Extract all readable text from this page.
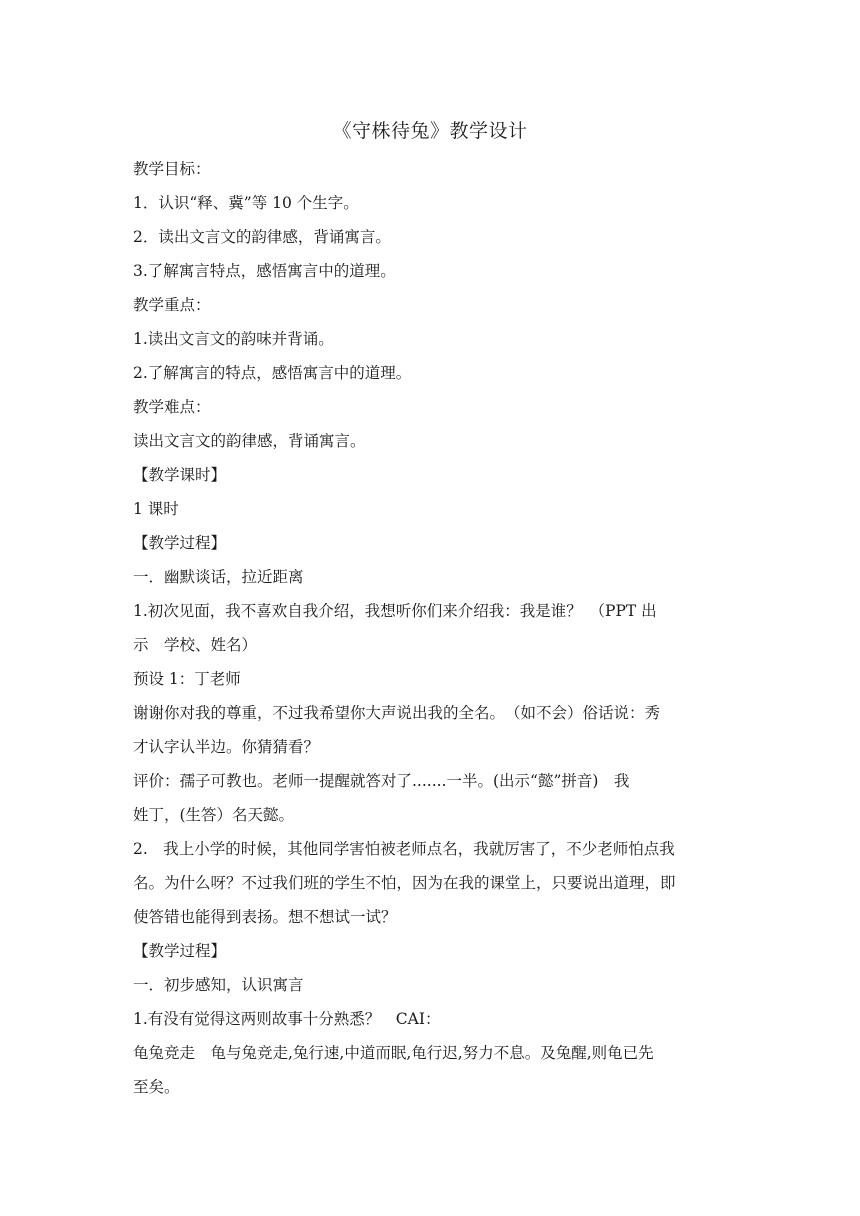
《守株待兔》教学设计

教学目标：

1．认识“释、冀”等 10 个生字。

2．读出文言文的韵律感，背诵寓言。

3.了解寓言特点，感悟寓言中的道理。

教学重点：

1.读出文言文的韵味并背诵。

2.了解寓言的特点，感悟寓言中的道理。

教学难点：

读出文言文的韵律感，背诵寓言。

【教学课时】

1 课时

【教学过程】

一．幽默谈话，拉近距离

1.初次见面，我不喜欢自我介绍，我想听你们来介绍我：我是谁？　（PPT 出

示　学校、姓名）

预设 1：丁老师

谢谢你对我的尊重，不过我希望你大声说出我的全名。　（如不会）俗话说：秀

才认字认半边。你猜猜看？

评价：孺子可教也。老师一提醒就答对了.......一半。(出示“懿”拼音)　我

姓丁，(生答）名天懿。

2.　我上小学的时候，其他同学害怕被老师点名，我就厉害了，不少老师怕点我

名。为什么呀？不过我们班的学生不怕，因为在我的课堂上，只要说出道理，即

使答错也能得到表扬。想不想试一试？

【教学过程】

一．初步感知，认识寓言

1.有没有觉得这两则故事十分熟悉？　CAI：

龟兔竞走　龟与兔竞走,兔行速,中道而眠,龟行迟,努力不息。及兔醒,则龟已先

至矣。
